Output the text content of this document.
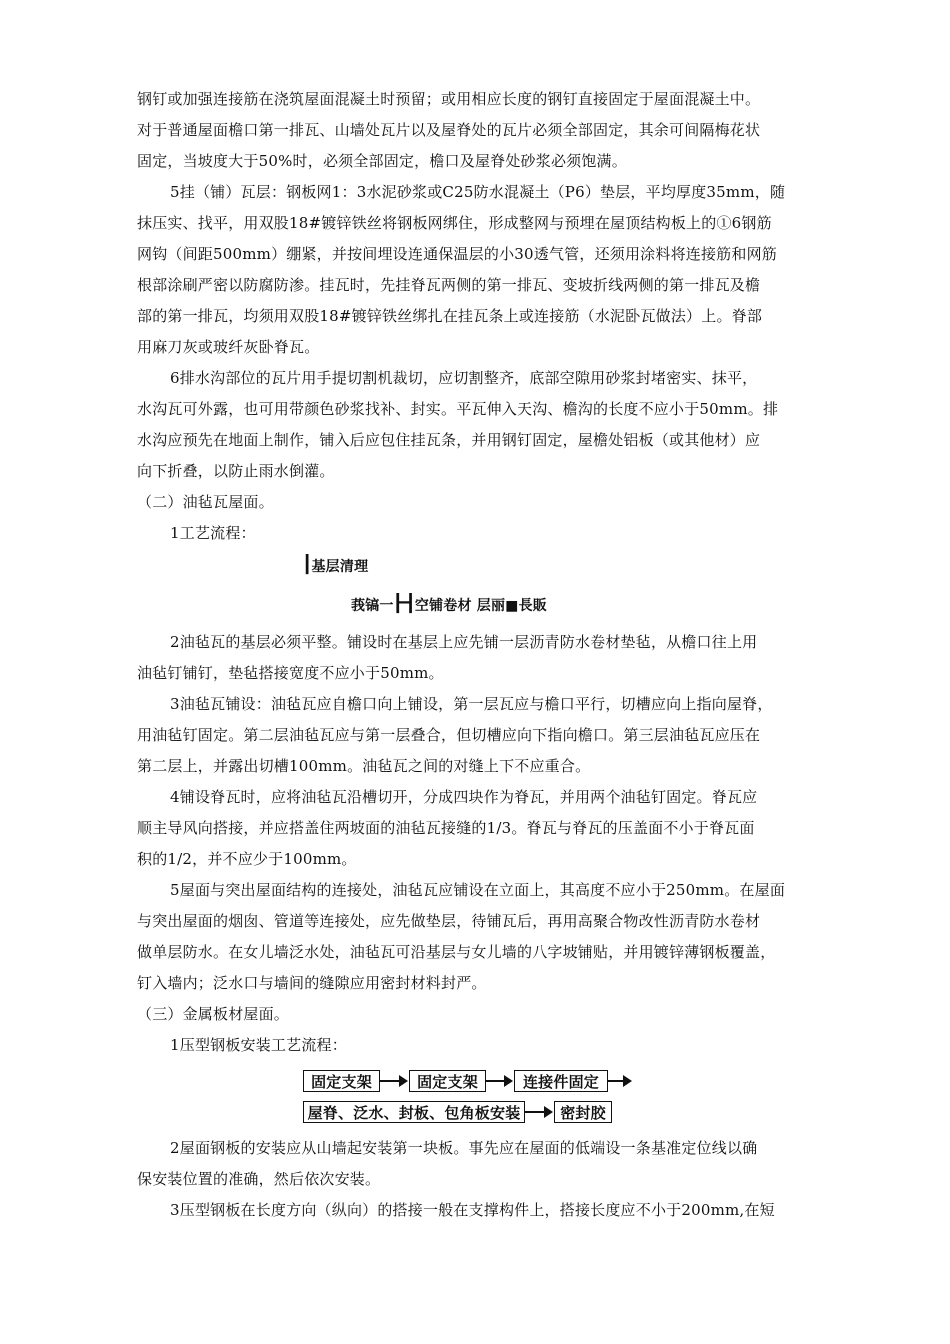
钢钉或加强连接筋在浇筑屋面混凝土时预留；或用相应长度的钢钉直接固定于屋面混凝土中。
对于普通屋面檐口第一排瓦、山墙处瓦片以及屋脊处的瓦片必须全部固定，其余可间隔梅花状
固定，当坡度大于50%时，必须全部固定，檐口及屋脊处砂浆必须饱满。
5挂（铺）瓦层：钢板网1：3水泥砂浆或C25防水混凝土（P6）垫层，平均厚度35mm，随
抹压实、找平，用双股18#镀锌铁丝将钢板网绑住，形成整网与预埋在屋顶结构板上的①6钢筋
网钩（间距500mm）绷紧，并按间埋设连通保温层的小30透气管，还须用涂料将连接筋和网筋
根部涂刷严密以防腐防渗。挂瓦时，先挂脊瓦两侧的第一排瓦、变坡折线两侧的第一排瓦及檐
部的第一排瓦，均须用双股18#镀锌铁丝绑扎在挂瓦条上或连接筋（水泥卧瓦做法）上。脊部
用麻刀灰或玻纤灰卧脊瓦。
6排水沟部位的瓦片用手提切割机裁切，应切割整齐，底部空隙用砂浆封堵密实、抹平，
水沟瓦可外露，也可用带颜色砂浆找补、封实。平瓦伸入天沟、檐沟的长度不应小于50mm。排
水沟应预先在地面上制作，铺入后应包住挂瓦条，并用钢钉固定，屋檐处铝板（或其他材）应
向下折叠，以防止雨水倒灌。
（二）油毡瓦屋面。
1工艺流程：
I基层清理
莪镐一H空铺卷材 层丽■長販
2油毡瓦的基层必须平整。铺设时在基层上应先铺一层沥青防水卷材垫毡，从檐口往上用
油毡钉铺钉，垫毡搭接宽度不应小于50mm。
3油毡瓦铺设：油毡瓦应自檐口向上铺设，第一层瓦应与檐口平行，切槽应向上指向屋脊，
用油毡钉固定。第二层油毡瓦应与第一层叠合，但切槽应向下指向檐口。第三层油毡瓦应压在
第二层上，并露出切槽100mm。油毡瓦之间的对缝上下不应重合。
4铺设脊瓦时，应将油毡瓦沿槽切开，分成四块作为脊瓦，并用两个油毡钉固定。脊瓦应
顺主导风向搭接，并应搭盖住两坡面的油毡瓦接缝的1/3。脊瓦与脊瓦的压盖面不小于脊瓦面
积的1/2，并不应少于100mm。
5屋面与突出屋面结构的连接处，油毡瓦应铺设在立面上，其高度不应小于250mm。在屋面
与突出屋面的烟囱、管道等连接处，应先做垫层，待铺瓦后，再用高聚合物改性沥青防水卷材
做单层防水。在女儿墙泛水处，油毡瓦可沿基层与女儿墙的八字坡铺贴，并用镀锌薄钢板覆盖，
钉入墙内；泛水口与墙间的缝隙应用密封材料封严。
（三）金属板材屋面。
1压型钢板安装工艺流程：
固定支架	固定支架	连接件固定
屋脊、泛水、封板、包角板安装	密封胶
2屋面钢板的安装应从山墙起安装第一块板。事先应在屋面的低端设一条基准定位线以确
保安装位置的准确，然后依次安装。
3压型钢板在长度方向（纵向）的搭接一般在支撑构件上，搭接长度应不小于200mm,在短
